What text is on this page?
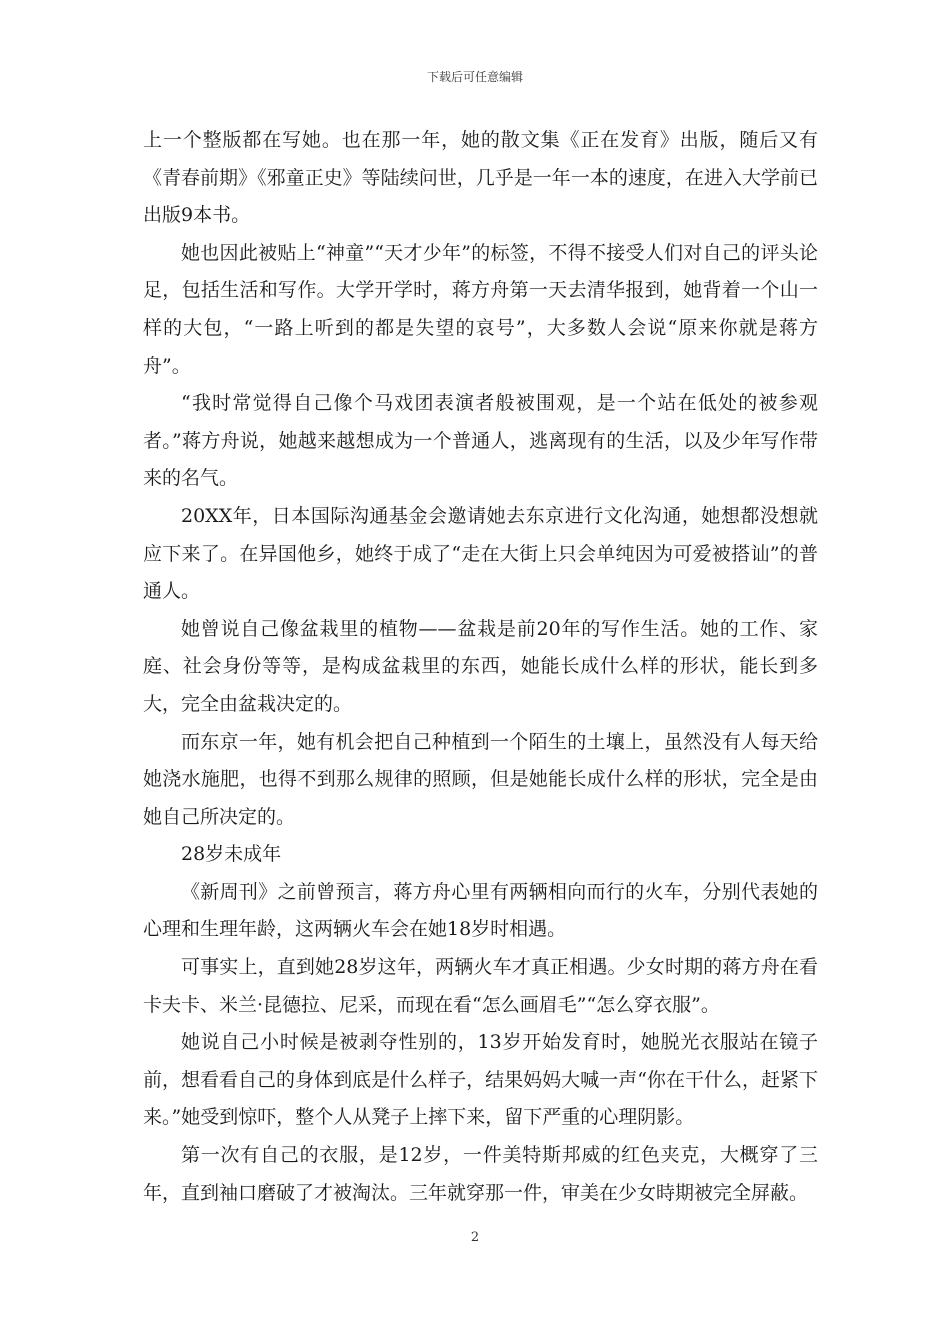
下载后可任意编辑

上一个整版都在写她。也在那一年，她的散文集《正在发育》出版，随后又有《青春前期》《邪童正史》等陆续问世，几乎是一年一本的速度，在进入大学前已出版9本书。

她也因此被贴上“神童”“天才少年”的标签，不得不接受人们对自己的评头论足，包括生活和写作。大学开学时，蒋方舟第一天去清华报到，她背着一个山一样的大包，“一路上听到的都是失望的哀号”，大多数人会说“原来你就是蒋方舟”。

“我时常觉得自己像个马戏团表演者般被围观，是一个站在低处的被参观者。”蒋方舟说，她越来越想成为一个普通人，逃离现有的生活，以及少年写作带来的名气。

20XX年，日本国际沟通基金会邀请她去东京进行文化沟通，她想都没想就应下来了。在异国他乡，她终于成了“走在大街上只会单纯因为可爱被搭讪”的普通人。

她曾说自己像盆栽里的植物——盆栽是前20年的写作生活。她的工作、家庭、社会身份等等，是构成盆栽里的东西，她能长成什么样的形状，能长到多大，完全由盆栽决定的。

而东京一年，她有机会把自己种植到一个陌生的土壤上，虽然没有人每天给她浇水施肥，也得不到那么规律的照顾，但是她能长成什么样的形状，完全是由她自己所决定的。

28岁未成年

《新周刊》之前曾预言，蒋方舟心里有两辆相向而行的火车，分别代表她的心理和生理年龄，这两辆火车会在她18岁时相遇。

可事实上，直到她28岁这年，两辆火车才真正相遇。少女时期的蒋方舟在看卡夫卡、米兰·昆德拉、尼采，而现在看“怎么画眉毛”“怎么穿衣服”。

她说自己小时候是被剥夺性别的，13岁开始发育时，她脱光衣服站在镜子前，想看看自己的身体到底是什么样子，结果妈妈大喊一声“你在干什么，赶紧下来。”她受到惊吓，整个人从凳子上摔下来，留下严重的心理阴影。

第一次有自己的衣服，是12岁，一件美特斯邦威的红色夹克，大概穿了三年，直到袖口磨破了才被淘汰。三年就穿那一件，审美在少女時期被完全屏蔽。

2
